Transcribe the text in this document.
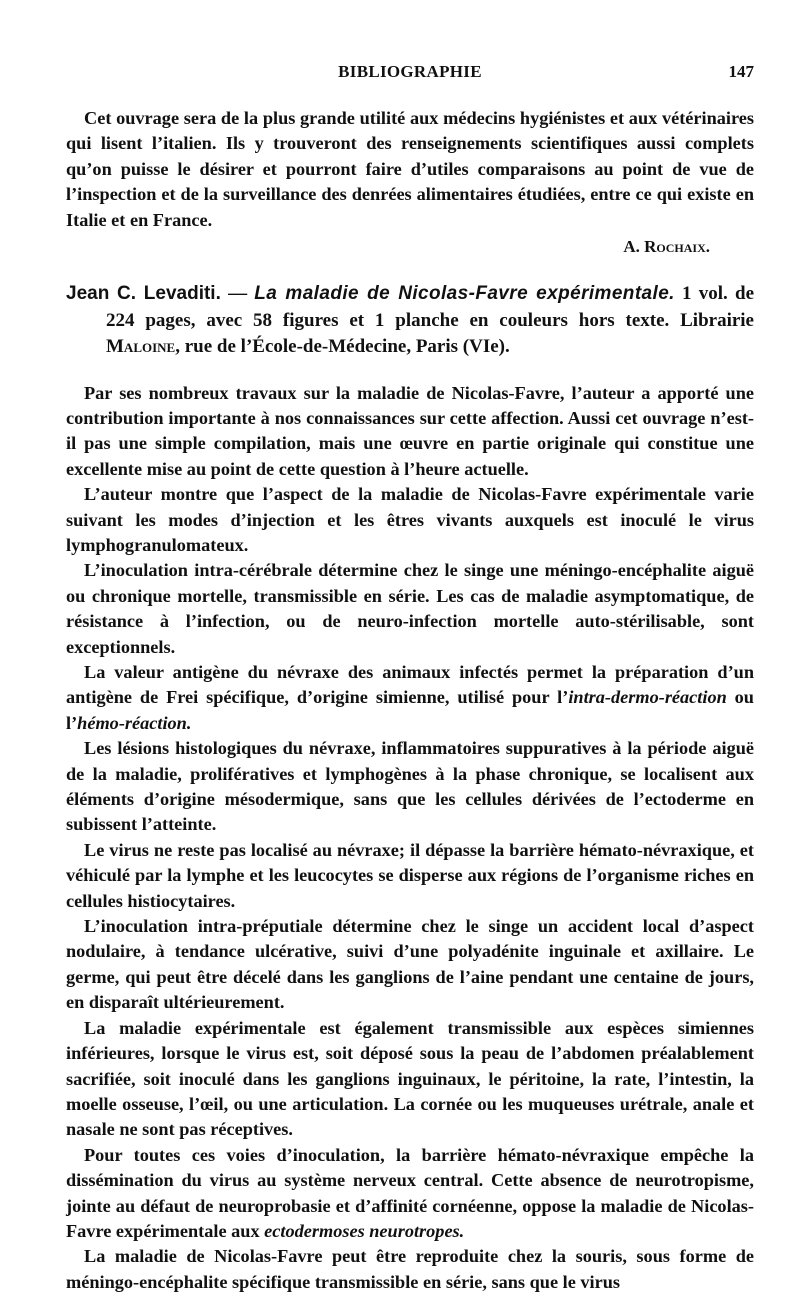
BIBLIOGRAPHIE	147

Cet ouvrage sera de la plus grande utilité aux médecins hygiénistes et aux vétérinaires qui lisent l’italien. Ils y trouveront des renseignements scientifiques aussi complets qu’on puisse le désirer et pourront faire d’utiles comparaisons au point de vue de l’inspection et de la surveillance des denrées alimentaires étudiées, entre ce qui existe en Italie et en France.

A. Rochaix.

Jean C. Levaditi. — La maladie de Nicolas-Favre expérimentale. 1 vol. de 224 pages, avec 58 figures et 1 planche en couleurs hors texte. Librairie Maloine, rue de l’École-de-Médecine, Paris (VIe).

Par ses nombreux travaux sur la maladie de Nicolas-Favre, l’auteur a apporté une contribution importante à nos connaissances sur cette affection. Aussi cet ouvrage n’est-il pas une simple compilation, mais une œuvre en partie originale qui constitue une excellente mise au point de cette question à l’heure actuelle.

L’auteur montre que l’aspect de la maladie de Nicolas-Favre expérimentale varie suivant les modes d’injection et les êtres vivants auxquels est inoculé le virus lymphogranulomateux.

L’inoculation intra-cérébrale détermine chez le singe une méningo-encéphalite aiguë ou chronique mortelle, transmissible en série. Les cas de maladie asymptomatique, de résistance à l’infection, ou de neuro-infection mortelle auto-stérilisable, sont exceptionnels.

La valeur antigène du névraxe des animaux infectés permet la préparation d’un antigène de Frei spécifique, d’origine simienne, utilisé pour l’intra-dermo-réaction ou l’hémo-réaction.

Les lésions histologiques du névraxe, inflammatoires suppuratives à la période aiguë de la maladie, prolifératives et lymphogènes à la phase chronique, se localisent aux éléments d’origine mésodermique, sans que les cellules dérivées de l’ectoderme en subissent l’atteinte.

Le virus ne reste pas localisé au névraxe; il dépasse la barrière hémato-névraxique, et véhiculé par la lymphe et les leucocytes se disperse aux régions de l’organisme riches en cellules histiocytaires.

L’inoculation intra-préputiale détermine chez le singe un accident local d’aspect nodulaire, à tendance ulcérative, suivi d’une polyadénite inguinale et axillaire. Le germe, qui peut être décelé dans les ganglions de l’aine pendant une centaine de jours, en disparaît ultérieurement.

La maladie expérimentale est également transmissible aux espèces simiennes inférieures, lorsque le virus est, soit déposé sous la peau de l’abdomen préalablement sacrifiée, soit inoculé dans les ganglions inguinaux, le péritoine, la rate, l’intestin, la moelle osseuse, l’œil, ou une articulation. La cornée ou les muqueuses urétrale, anale et nasale ne sont pas réceptives.

Pour toutes ces voies d’inoculation, la barrière hémato-névraxique empêche la dissémination du virus au système nerveux central. Cette absence de neurotropisme, jointe au défaut de neuroprobasie et d’affinité cornéenne, oppose la maladie de Nicolas-Favre expérimentale aux ectodermoses neurotropes.

La maladie de Nicolas-Favre peut être reproduite chez la souris, sous forme de méningo-encéphalite spécifique transmissible en série, sans que le virus
